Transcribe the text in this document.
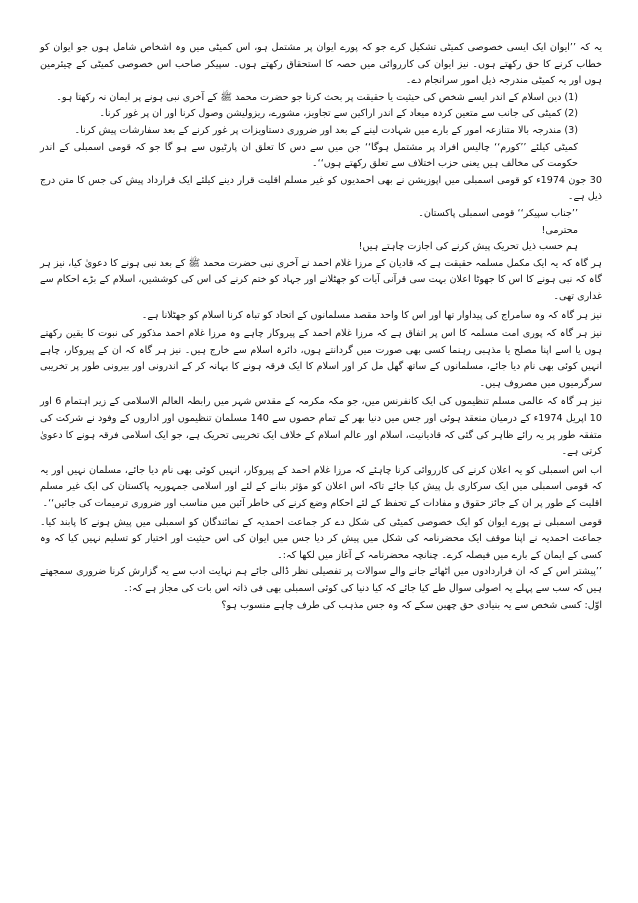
یہ کہ ’’ایوان ایک ایسی خصوصی کمیٹی تشکیل کرے جو کہ پورے ایوان پر مشتمل ہو، اس کمیٹی میں وہ اشخاص شامل ہوں جو ایوان کو خطاب کرنے کا حق رکھتے ہوں۔ نیز ایوان کی کارروائی میں حصہ کا استحقاق رکھتے ہوں۔ سپیکر صاحب اس خصوصی کمیٹی کے چیئرمین ہوں اور یہ کمیٹی مندرجہ ذیل امور سرانجام دے۔

(1) دین اسلام کے اندر ایسے شخص کی حیثیت یا حقیقت پر بحث کرنا جو حضرت محمد ﷺ کے آخری نبی ہونے پر ایمان نہ رکھتا ہو۔

(2) کمیٹی کی جانب سے متعین کردہ میعاد کے اندر اراکین سے تجاویز، مشورے، ریزولیشن وصول کرنا اور ان پر غور کرنا۔

(3) مندرجہ بالا متنازعہ امور کے بارے میں شہادت لینے کے بعد اور ضروری دستاویزات پر غور کرنے کے بعد سفارشات پیش کرنا۔

کمیٹی کیلئے ’’کورم‘‘ چالیس افراد پر مشتمل ہوگا‘‘ جن میں سے دس کا تعلق ان پارٹیوں سے ہو گا جو کہ قومی اسمبلی کے اندر حکومت کی مخالف ہیں یعنی حزب اختلاف سے تعلق رکھتے ہوں‘‘۔

30 جون 1974ء کو قومی اسمبلی میں اپوزیشن نے بھی احمدیوں کو غیر مسلم اقلیت قرار دینے کیلئے ایک قرارداد پیش کی جس کا متن درج ذیل ہے۔

’’جناب سپیکر‘‘ قومی اسمبلی پاکستان۔

محترمی!

ہم حسب ذیل تحریک پیش کرنے کی اجازت چاہتے ہیں!

ہر گاہ کہ یہ ایک مکمل مسلمہ حقیقت ہے کہ قادیان کے مرزا غلام احمد نے آخری نبی حضرت محمد ﷺ کے بعد نبی ہونے کا دعویٰ کیا، نیز ہر گاہ کہ نبی ہونے کا اس کا جھوٹا اعلان بہت سی قرآنی آیات کو جھٹلانے اور جہاد کو ختم کرنے کی اس کی کوششیں، اسلام کے بڑے احکام سے غداری تھی۔

نیز ہر گاہ کہ وہ سامراج کی پیداوار تھا اور اس کا واحد مقصد مسلمانوں کے اتحاد کو تباہ کرنا اسلام کو جھٹلانا ہے۔

نیز ہر گاہ کہ پوری امت مسلمہ کا اس پر اتفاق ہے کہ مرزا غلام احمد کے پیروکار چاہے وہ مرزا غلام احمد مذکور کی نبوت کا یقین رکھتے ہوں یا اسے اپنا مصلح یا مذہبی رہنما کسی بھی صورت میں گردانتے ہوں، دائرہ اسلام سے خارج ہیں۔ نیز ہر گاہ کہ ان کے پیروکار، چاہے انہیں کوئی بھی نام دیا جائے، مسلمانوں کے ساتھ گھل مل کر اور اسلام کا ایک فرقہ ہونے کا بہانہ کر کے اندرونی اور بیرونی طور پر تخریبی سرگرمیوں میں مصروف ہیں۔

نیز ہر گاہ کہ عالمی مسلم تنظیموں کی ایک کانفرنس میں، جو مکہ مکرمہ کے مقدس شہر میں رابطہ العالم الاسلامی کے زیر اہتمام 6 اور 10 اپریل 1974ء کے درمیان منعقد ہوئی اور جس میں دنیا بھر کے تمام حصوں سے 140 مسلمان تنظیموں اور اداروں کے وفود نے شرکت کی متفقہ طور پر یہ رائے ظاہر کی گئی کہ قادیانیت، اسلام اور عالم اسلام کے خلاف ایک تخریبی تحریک ہے، جو ایک اسلامی فرقہ ہونے کا دعویٰ کرتی ہے۔

اب اس اسمبلی کو یہ اعلان کرنے کی کارروائی کرنا چاہئے کہ مرزا غلام احمد کے پیروکار، انہیں کوئی بھی نام دیا جائے، مسلمان نہیں اور یہ کہ قومی اسمبلی میں ایک سرکاری بل پیش کیا جائے تاکہ اس اعلان کو مؤثر بنانے کے لئے اور اسلامی جمہوریہ پاکستان کی ایک غیر مسلم اقلیت کے طور پر ان کے جائز حقوق و مفادات کے تحفظ کے لئے احکام وضع کرنے کی خاطر آئین میں مناسب اور ضروری ترمیمات کی جائیں‘‘۔

قومی اسمبلی نے پورے ایوان کو ایک خصوصی کمیٹی کی شکل دے کر جماعت احمدیہ کے نمائندگان کو اسمبلی میں پیش ہونے کا پابند کیا۔ جماعت احمدیہ نے اپنا موقف ایک محضرنامہ کی شکل میں پیش کر دیا جس میں ایوان کی اس حیثیت اور اختیار کو تسلیم نہیں کیا کہ وہ کسی کے ایمان کے بارے میں فیصلہ کرے۔ چنانچہ محضرنامہ کے آغاز میں لکھا کہ:۔

’’پیشتر اس کے کہ ان قراردادوں میں اٹھائے جانے والے سوالات پر تفصیلی نظر ڈالی جائے ہم نہایت ادب سے یہ گزارش کرنا ضروری سمجھتے ہیں کہ سب سے پہلے یہ اصولی سوال طے کیا جائے کہ کیا دنیا کی کوئی اسمبلی بھی فی ذاتہ اس بات کی مجاز ہے کہ:۔

اوّل: کسی شخص سے یہ بنیادی حق چھین سکے کہ وہ جس مذہب کی طرف چاہے منسوب ہو؟
